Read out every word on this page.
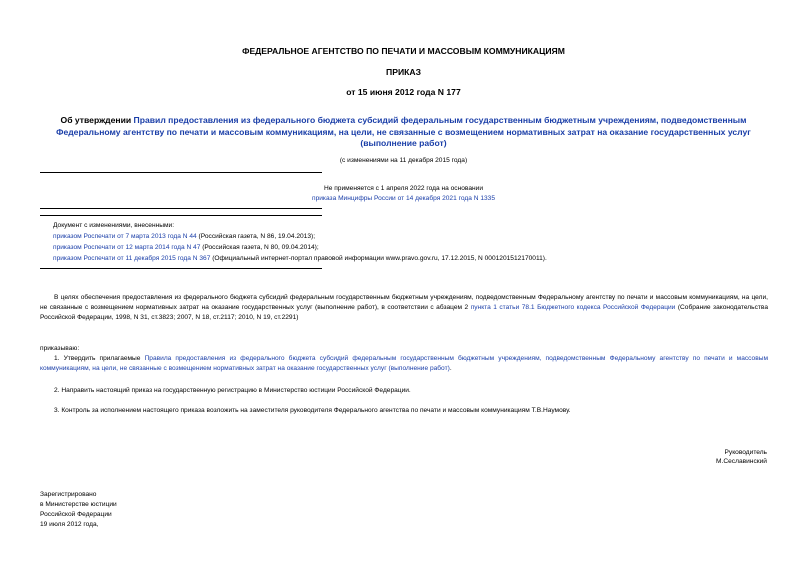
ФЕДЕРАЛЬНОЕ АГЕНТСТВО ПО ПЕЧАТИ И МАССОВЫМ КОММУНИКАЦИЯМ
ПРИКАЗ
от 15 июня 2012 года N 177
Об утверждении Правил предоставления из федерального бюджета субсидий федеральным государственным бюджетным учреждениям, подведомственным Федеральному агентству по печати и массовым коммуникациям, на цели, не связанные с возмещением нормативных затрат на оказание государственных услуг (выполнение работ)
(с изменениями на 11 декабря 2015 года)
Не применяется с 1 апреля 2022 года на основании
приказа Минцифры России от 14 декабря 2021 года N 1335
Документ с изменениями, внесенными:
приказом Роспечати от 7 марта 2013 года N 44 (Российская газета, N 86, 19.04.2013);
приказом Роспечати от 12 марта 2014 года N 47 (Российская газета, N 80, 09.04.2014);
приказом Роспечати от 11 декабря 2015 года N 367 (Официальный интернет-портал правовой информации www.pravo.gov.ru, 17.12.2015, N 0001201512170011).
В целях обеспечения предоставления из федерального бюджета субсидий федеральным государственным бюджетным учреждениям, подведомственным Федеральному агентству по печати и массовым коммуникациям, на цели, не связанные с возмещением нормативных затрат на оказание государственных услуг (выполнение работ), в соответствии с абзацем 2 пункта 1 статьи 78.1 Бюджетного кодекса Российской Федерации (Собрание законодательства Российской Федерации, 1998, N 31, ст.3823; 2007, N 18, ст.2117; 2010, N 19, ст.2291)
приказываю:
1. Утвердить прилагаемые Правила предоставления из федерального бюджета субсидий федеральным государственным бюджетным учреждениям, подведомственным Федеральному агентству по печати и массовым коммуникациям, на цели, не связанные с возмещением нормативных затрат на оказание государственных услуг (выполнение работ).
2. Направить настоящий приказ на государственную регистрацию в Министерство юстиции Российской Федерации.
3. Контроль за исполнением настоящего приказа возложить на заместителя руководителя Федерального агентства по печати и массовым коммуникациям Т.В.Наумову.
Руководитель
М.Сеславинский
Зарегистрировано
в Министерстве юстиции
Российской Федерации
19 июля 2012 года,
